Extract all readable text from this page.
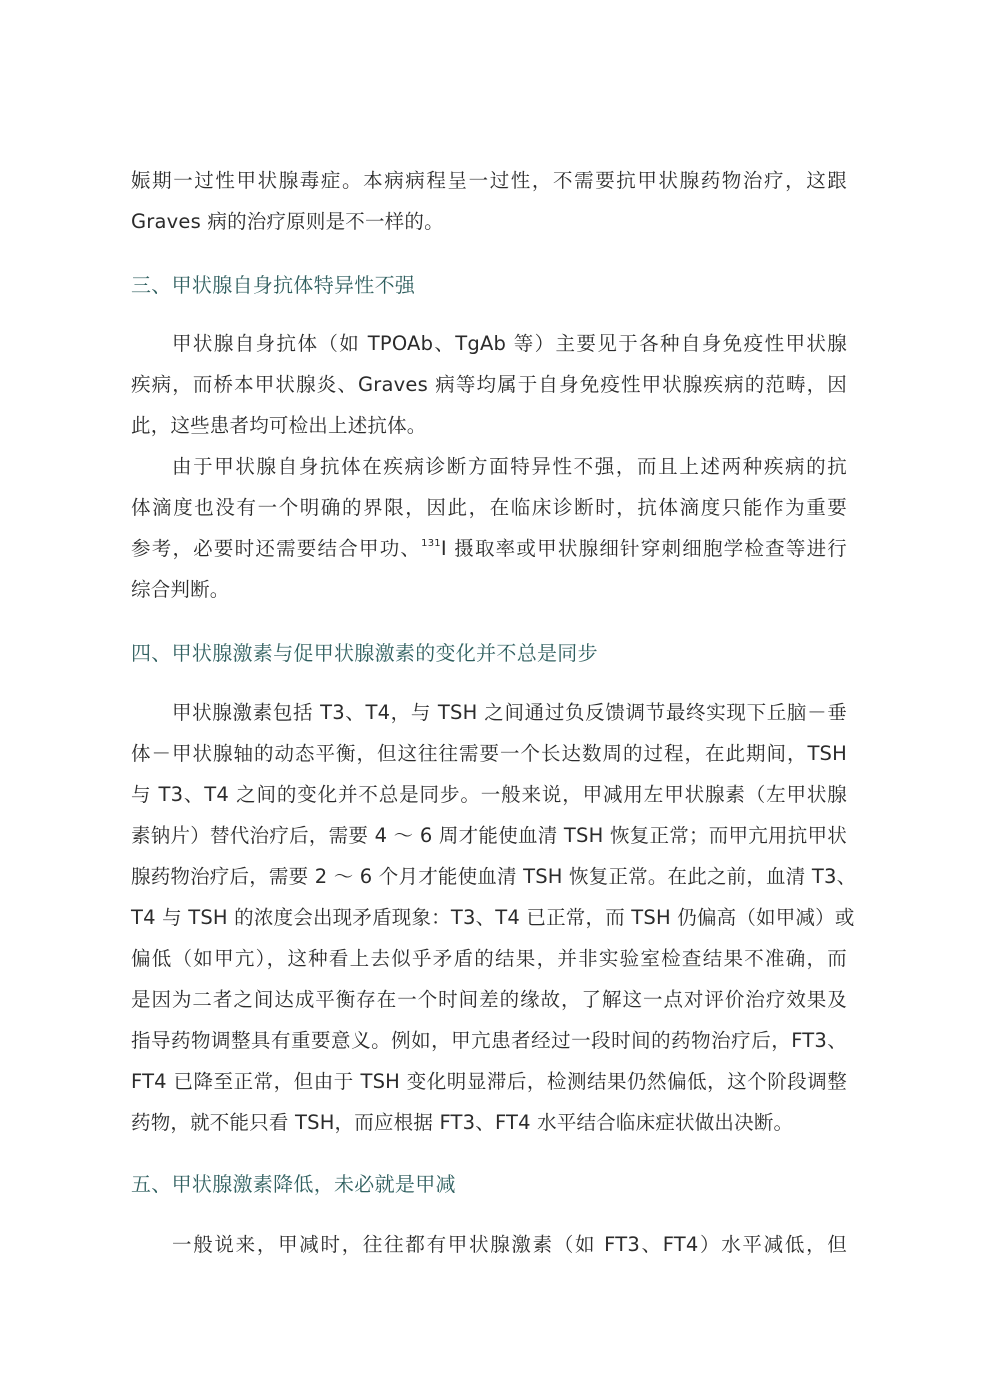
娠期一过性甲状腺毒症。本病病程呈一过性，不需要抗甲状腺药物治疗，这跟
Graves 病的治疗原则是不一样的。
三、甲状腺自身抗体特异性不强
甲状腺自身抗体（如 TPOAb、TgAb 等）主要见于各种自身免疫性甲状腺
疾病，而桥本甲状腺炎、Graves 病等均属于自身免疫性甲状腺疾病的范畴，因
此，这些患者均可检出上述抗体。
由于甲状腺自身抗体在疾病诊断方面特异性不强，而且上述两种疾病的抗
体滴度也没有一个明确的界限，因此，在临床诊断时，抗体滴度只能作为重要
参考，必要时还需要结合甲功、$^{131}$I 摄取率或甲状腺细针穿刺细胞学检查等进行
综合判断。
四、甲状腺激素与促甲状腺激素的变化并不总是同步
甲状腺激素包括 T3、T4，与 TSH 之间通过负反馈调节最终实现下丘脑－垂
体－甲状腺轴的动态平衡，但这往往需要一个长达数周的过程，在此期间，TSH
与 T3、T4 之间的变化并不总是同步。一般来说，甲减用左甲状腺素（左甲状腺
素钠片）替代治疗后，需要 4 ～ 6 周才能使血清 TSH 恢复正常；而甲亢用抗甲状
腺药物治疗后，需要 2 ～ 6 个月才能使血清 TSH 恢复正常。在此之前，血清 T3、
T4 与 TSH 的浓度会出现矛盾现象：T3、T4 已正常，而 TSH 仍偏高（如甲减）或
偏低（如甲亢），这种看上去似乎矛盾的结果，并非实验室检查结果不准确，而
是因为二者之间达成平衡存在一个时间差的缘故，了解这一点对评价治疗效果及
指导药物调整具有重要意义。例如，甲亢患者经过一段时间的药物治疗后，FT3、
FT4 已降至正常，但由于 TSH 变化明显滞后，检测结果仍然偏低，这个阶段调整
药物，就不能只看 TSH，而应根据 FT3、FT4 水平结合临床症状做出决断。
五、甲状腺激素降低，未必就是甲减
一般说来，甲减时，往往都有甲状腺激素（如 FT3、FT4）水平减低，但
